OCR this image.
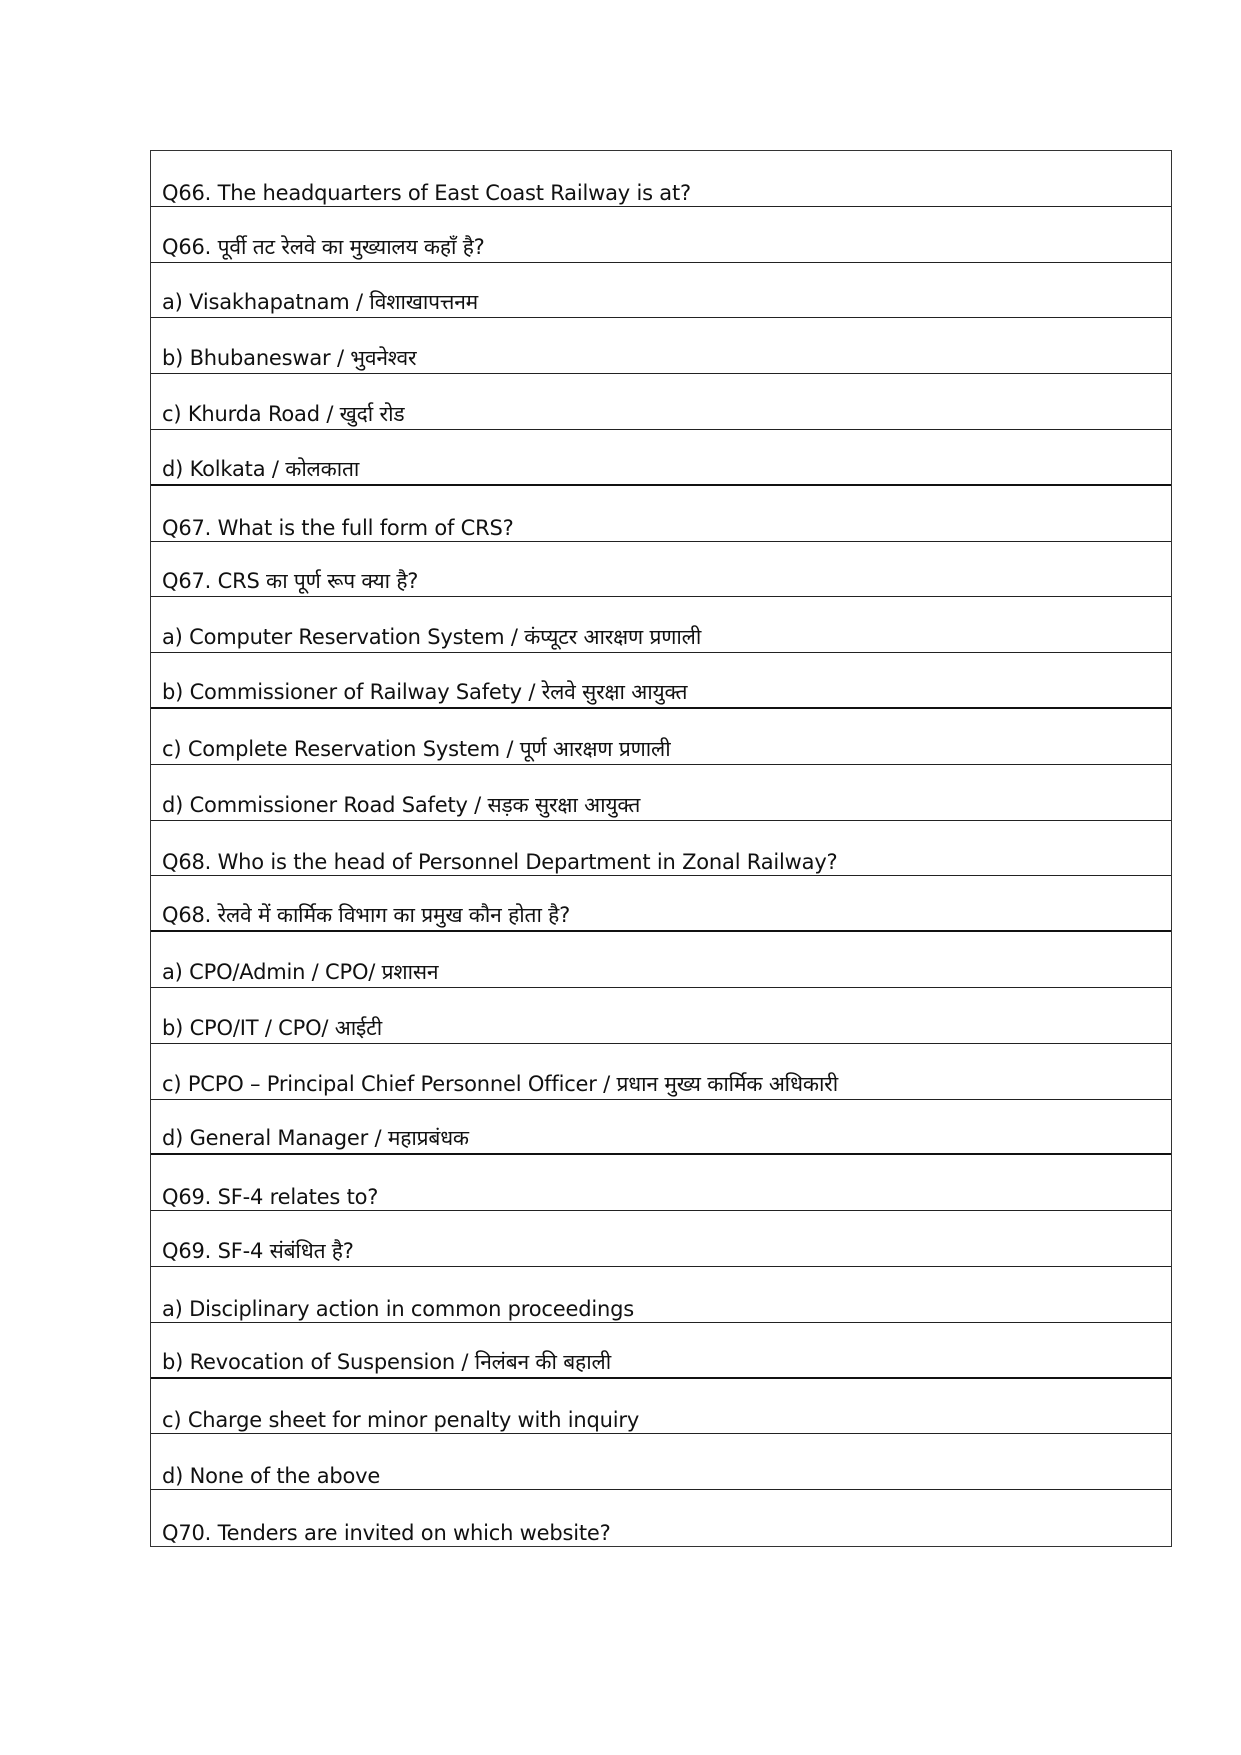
Q66. The headquarters of East Coast Railway is at?
Q66. पूर्वी तट रेलवे का मुख्यालय कहाँ है?
a) Visakhapatnam / विशाखापत्तनम
b) Bhubaneswar / भुवनेश्वर
c) Khurda Road / खुर्दा रोड
d) Kolkata / कोलकाता
Q67. What is the full form of CRS?
Q67. CRS का पूर्ण रूप क्या है?
a) Computer Reservation System / कंप्यूटर आरक्षण प्रणाली
b) Commissioner of Railway Safety / रेलवे सुरक्षा आयुक्त
c) Complete Reservation System / पूर्ण आरक्षण प्रणाली
d) Commissioner Road Safety / सड़क सुरक्षा आयुक्त
Q68. Who is the head of Personnel Department in Zonal Railway?
Q68. रेलवे में कार्मिक विभाग का प्रमुख कौन होता है?
a) CPO/Admin / CPO/ प्रशासन
b) CPO/IT / CPO/ आईटी
c) PCPO – Principal Chief Personnel Officer / प्रधान मुख्य कार्मिक अधिकारी
d) General Manager / महाप्रबंधक
Q69. SF-4 relates to?
Q69. SF-4 संबंधित है?
a) Disciplinary action in common proceedings
b) Revocation of Suspension / निलंबन की बहाली
c) Charge sheet for minor penalty with inquiry
d) None of the above
Q70. Tenders are invited on which website?
